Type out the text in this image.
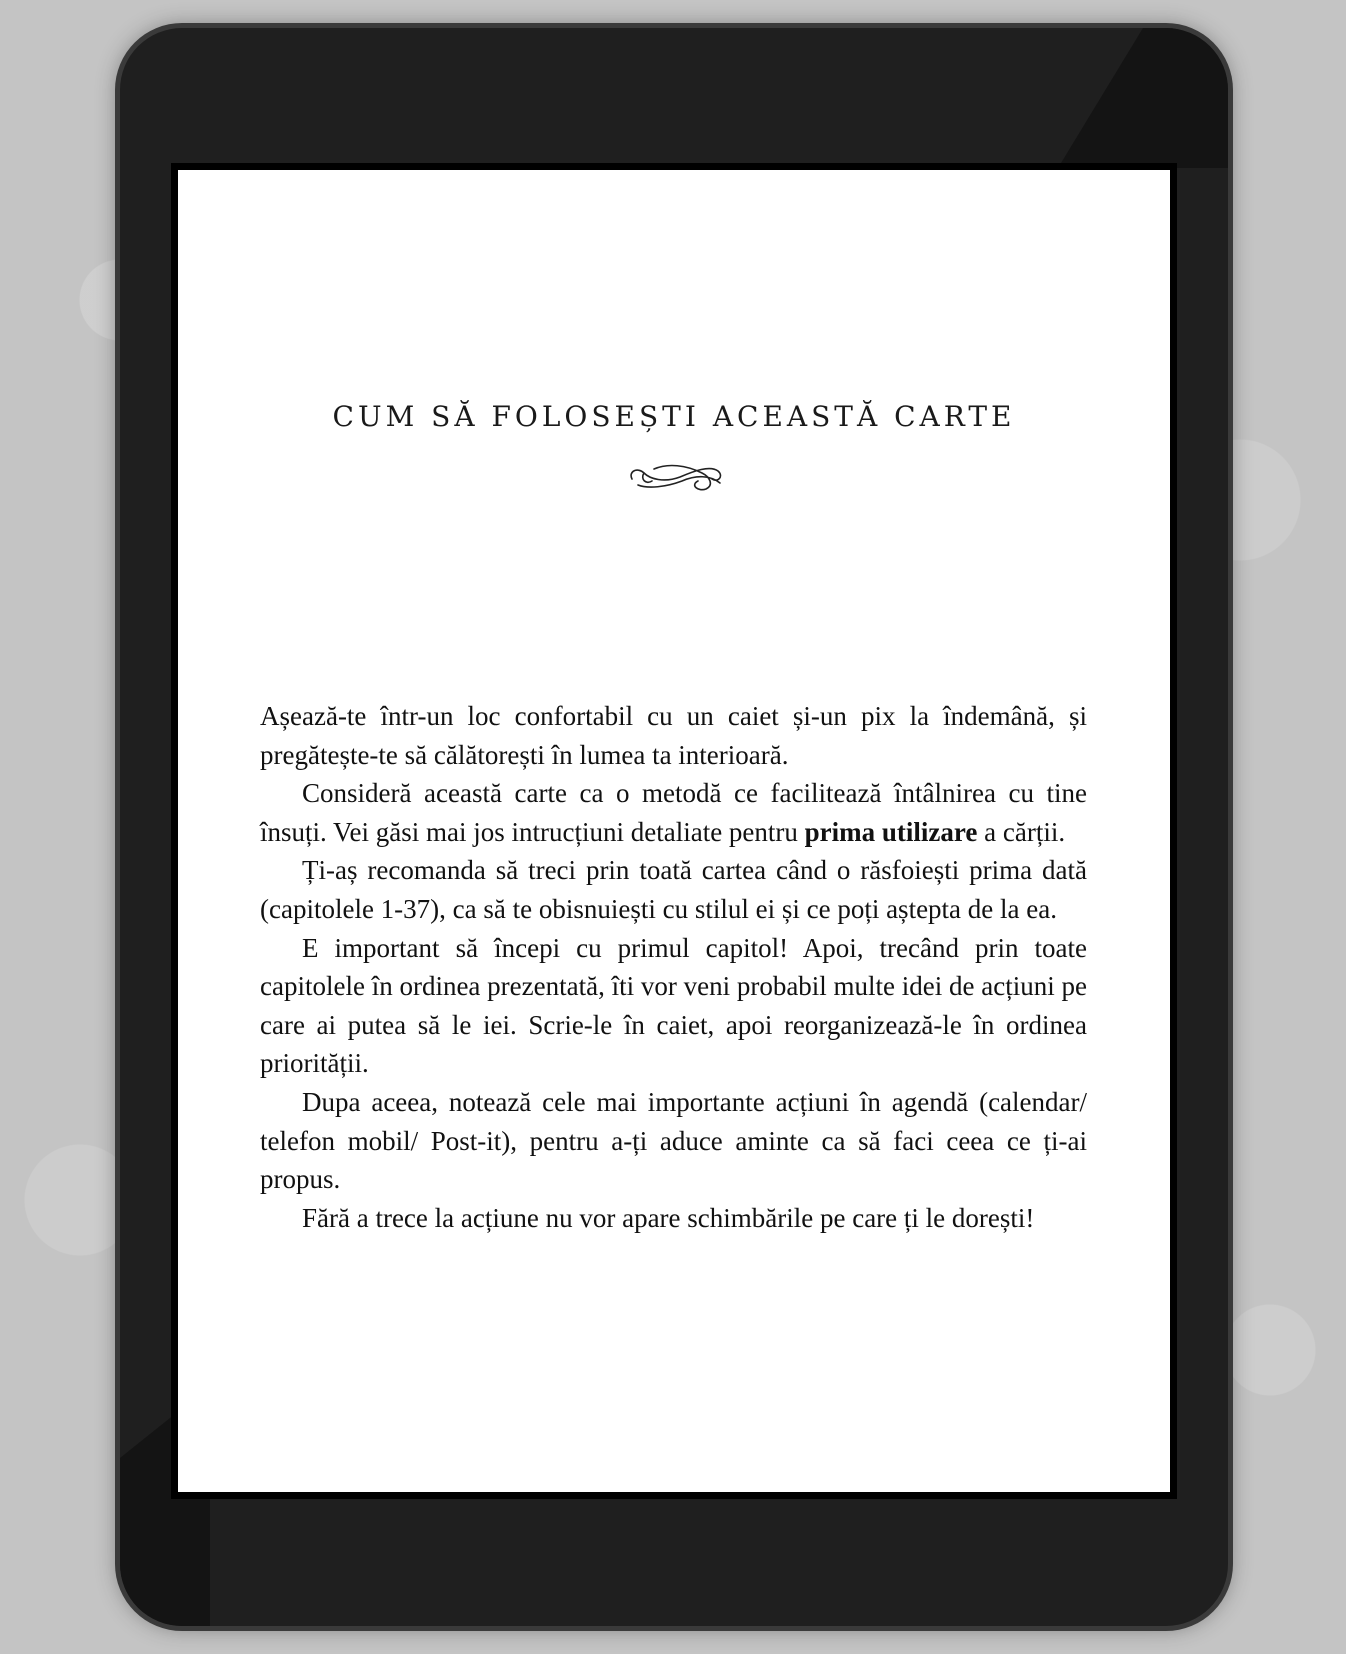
CUM SĂ FOLOSEȘTI ACEASTĂ CARTE

Așează-te într-un loc confortabil cu un caiet și-un pix la îndemână, și pregătește-te să călătorești în lumea ta interioară.

Consideră această carte ca o metodă ce facilitează întâlnirea cu tine însuți. Vei găsi mai jos intrucțiuni detaliate pentru prima utilizare a cărții.

Ți-aș recomanda să treci prin toată cartea când o răsfoiești prima dată (capitolele 1-37), ca să te obisnuiești cu stilul ei și ce poți aștepta de la ea.

E important să începi cu primul capitol! Apoi, trecând prin toate capitolele în ordinea prezentată, îti vor veni probabil multe idei de acțiuni pe care ai putea să le iei. Scrie-le în caiet, apoi reorganizează-le în ordinea priorității.

Dupa aceea, notează cele mai importante acțiuni în agendă (calendar/ telefon mobil/ Post-it), pentru a-ți aduce aminte ca să faci ceea ce ți-ai propus.

Fără a trece la acțiune nu vor apare schimbările pe care ți le dorești!
